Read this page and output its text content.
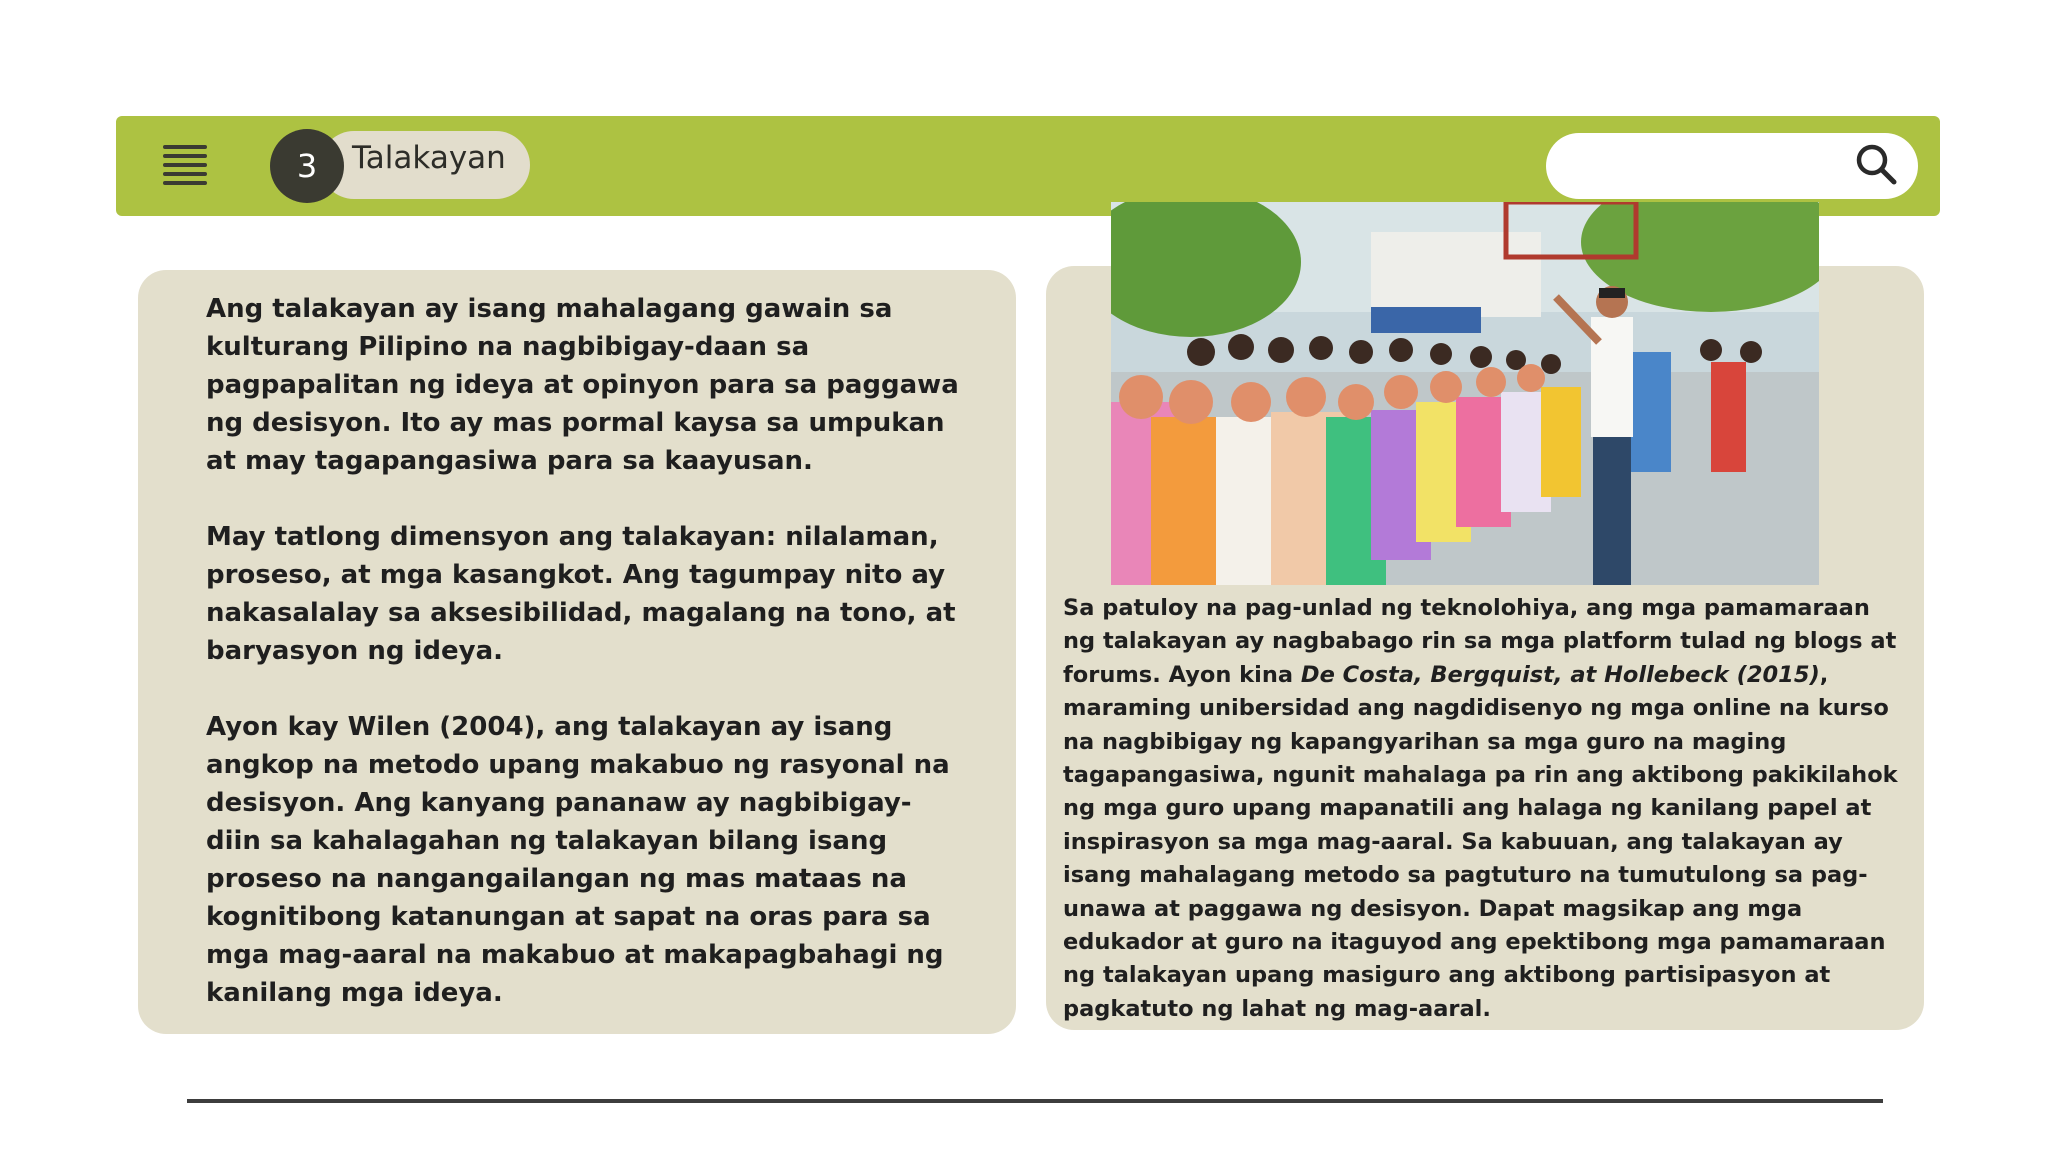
3	Talakayan

Ang talakayan ay isang mahalagang gawain sa kulturang Pilipino na nagbibigay-daan sa pagpapalitan ng ideya at opinyon para sa paggawa ng desisyon. Ito ay mas pormal kaysa sa umpukan at may tagapangasiwa para sa kaayusan.

May tatlong dimensyon ang talakayan: nilalaman, proseso, at mga kasangkot. Ang tagumpay nito ay nakasalalay sa aksesibilidad, magalang na tono, at baryasyon ng ideya.

Ayon kay Wilen (2004), ang talakayan ay isang angkop na metodo upang makabuo ng rasyonal na desisyon. Ang kanyang pananaw ay nagbibigay-diin sa kahalagahan ng talakayan bilang isang proseso na nangangailangan ng mas mataas na kognitibong katanungan at sapat na oras para sa mga mag-aaral na makabuo at makapagbahagi ng kanilang mga ideya.

Sa patuloy na pag-unlad ng teknolohiya, ang mga pamamaraan ng talakayan ay nagbabago rin sa mga platform tulad ng blogs at forums. Ayon kina De Costa, Bergquist, at Hollebeck (2015), maraming unibersidad ang nagdidisenyo ng mga online na kurso na nagbibigay ng kapangyarihan sa mga guro na maging tagapangasiwa, ngunit mahalaga pa rin ang aktibong pakikilahok ng mga guro upang mapanatili ang halaga ng kanilang papel at inspirasyon sa mga mag-aaral. Sa kabuuan, ang talakayan ay isang mahalagang metodo sa pagtuturo na tumutulong sa pag-unawa at paggawa ng desisyon. Dapat magsikap ang mga edukador at guro na itaguyod ang epektibong mga pamamaraan ng talakayan upang masiguro ang aktibong partisipasyon at pagkatuto ng lahat ng mag-aaral.
